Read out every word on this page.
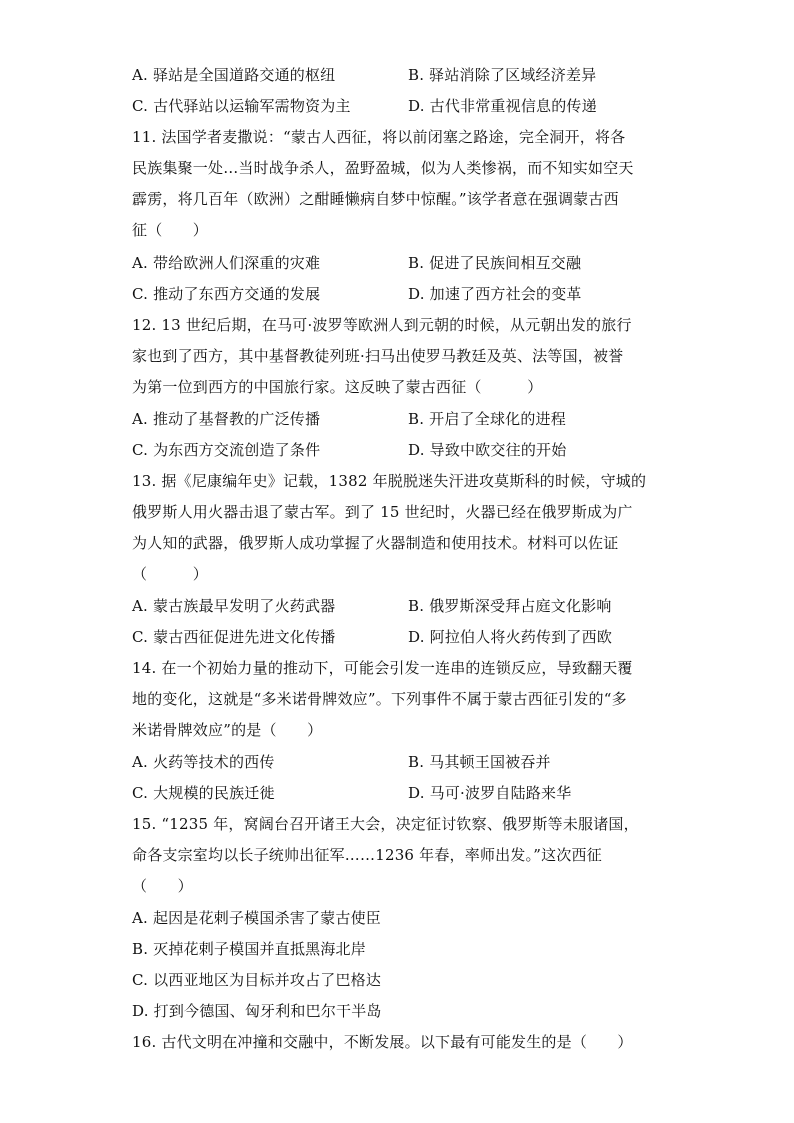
A. 驿站是全国道路交通的枢纽	B. 驿站消除了区域经济差异
C. 古代驿站以运输军需物资为主	D. 古代非常重视信息的传递
11. 法国学者麦撒说：“蒙古人西征，将以前闭塞之路途，完全洞开，将各
民族集聚一处…当时战争杀人，盈野盈城，似为人类惨祸，而不知实如空天
霹雳，将几百年（欧洲）之酣睡懒病自梦中惊醒。”该学者意在强调蒙古西
征（　　）
A. 带给欧洲人们深重的灾难	B. 促进了民族间相互交融
C. 推动了东西方交通的发展	D. 加速了西方社会的变革
12. 13 世纪后期，在马可·波罗等欧洲人到元朝的时候，从元朝出发的旅行
家也到了西方，其中基督教徒列班·扫马出使罗马教廷及英、法等国，被誉
为第一位到西方的中国旅行家。这反映了蒙古西征（　　　）
A. 推动了基督教的广泛传播	B. 开启了全球化的进程
C. 为东西方交流创造了条件	D. 导致中欧交往的开始
13. 据《尼康编年史》记载，1382 年脱脱迷失汗进攻莫斯科的时候，守城的
俄罗斯人用火器击退了蒙古军。到了 15 世纪时，火器已经在俄罗斯成为广
为人知的武器，俄罗斯人成功掌握了火器制造和使用技术。材料可以佐证
（　　　）
A. 蒙古族最早发明了火药武器	B. 俄罗斯深受拜占庭文化影响
C. 蒙古西征促进先进文化传播	D. 阿拉伯人将火药传到了西欧
14. 在一个初始力量的推动下，可能会引发一连串的连锁反应，导致翻天覆
地的变化，这就是“多米诺骨牌效应”。下列事件不属于蒙古西征引发的“多
米诺骨牌效应”的是（　　）
A. 火药等技术的西传	B. 马其顿王国被吞并
C. 大规模的民族迁徙	D. 马可·波罗自陆路来华
15. “1235 年，窝阔台召开诸王大会，决定征讨钦察、俄罗斯等未服诸国，
命各支宗室均以长子统帅出征军……1236 年春，率师出发。”这次西征
（　　）
A. 起因是花剌子模国杀害了蒙古使臣
B. 灭掉花剌子模国并直抵黑海北岸
C. 以西亚地区为目标并攻占了巴格达
D. 打到今德国、匈牙利和巴尔干半岛
16. 古代文明在冲撞和交融中，不断发展。以下最有可能发生的是（　　）
